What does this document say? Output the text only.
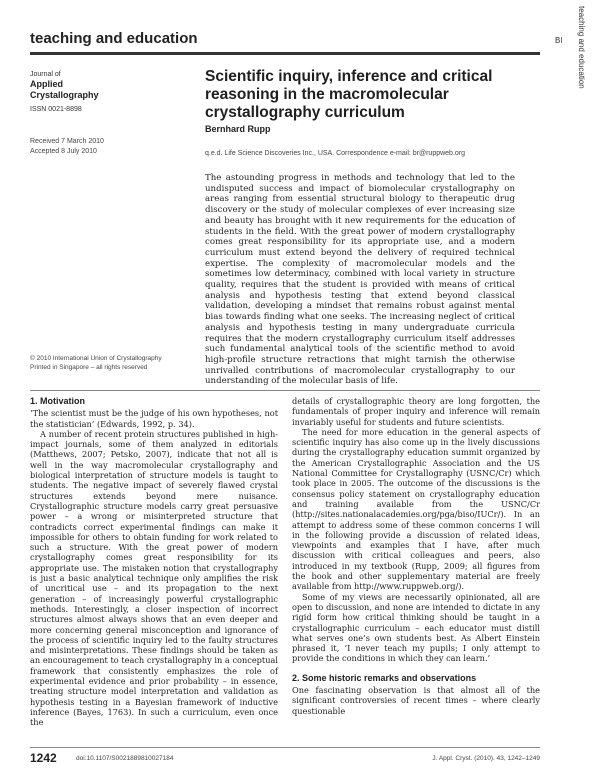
teaching and education	teaching and education
Bl
Journal of
Applied
Crystallography
ISSN 0021-8898
Received 7 March 2010
Accepted 8 July 2010
Scientific inquiry, inference and critical reasoning in the macromolecular crystallography curriculum
Bernhard Rupp
q.e.d. Life Science Discoveries Inc., USA. Correspondence e-mail: br@ruppweb.org
The astounding progress in methods and technology that led to the undisputed success and impact of biomolecular crystallography on areas ranging from essential structural biology to therapeutic drug discovery or the study of molecular complexes of ever increasing size and beauty has brought with it new requirements for the education of students in the field. With the great power of modern crystallography comes great responsibility for its appropriate use, and a modern curriculum must extend beyond the delivery of required technical expertise. The complexity of macromolecular models and the sometimes low determinacy, combined with local variety in structure quality, requires that the student is provided with means of critical analysis and hypothesis testing that extend beyond classical validation, developing a mindset that remains robust against mental bias towards finding what one seeks. The increasing neglect of critical analysis and hypothesis testing in many undergraduate curricula requires that the modern crystallography curriculum itself addresses such fundamental analytical tools of the scientific method to avoid high-profile structure retractions that might tarnish the otherwise unrivalled contributions of macromolecular crystallography to our understanding of the molecular basis of life.
© 2010 International Union of Crystallography
Printed in Singapore – all rights reserved
1. Motivation

‘The scientist must be the judge of his own hypotheses, not the statistician’ (Edwards, 1992, p. 34).

A number of recent protein structures published in high-impact journals, some of them analyzed in editorials (Matthews, 2007; Petsko, 2007), indicate that not all is well in the way macromolecular crystallography and biological interpretation of structure models is taught to students. The negative impact of severely flawed crystal structures extends beyond mere nuisance. Crystallographic structure models carry great persuasive power – a wrong or misinterpreted structure that contradicts correct experimental findings can make it impossible for others to obtain funding for work related to such a structure. With the great power of modern crystallography comes great responsibility for its appropriate use. The mistaken notion that crystallography is just a basic analytical technique only amplifies the risk of uncritical use – and its propagation to the next generation – of increasingly powerful crystallographic methods. Interestingly, a closer inspection of incorrect structures almost always shows that an even deeper and more concerning general misconception and ignorance of the process of scientific inquiry led to the faulty structures and misinterpretations. These findings should be taken as an encouragement to teach crystallography in a conceptual framework that consistently emphasizes the role of experimental evidence and prior probability – in essence, treating structure model interpretation and validation as hypothesis testing in a Bayesian framework of inductive inference (Bayes, 1763). In such a curriculum, even once the

details of crystallographic theory are long forgotten, the fundamentals of proper inquiry and inference will remain invariably useful for students and future scientists.

The need for more education in the general aspects of scientific inquiry has also come up in the lively discussions during the crystallography education summit organized by the American Crystallographic Association and the US National Committee for Crystallography (USNC/Cr) which took place in 2005. The outcome of the discussions is the consensus policy statement on crystallography education and training available from the USNC/Cr (http://sites.nationalacademies.org/pga/biso/IUCr/). In an attempt to address some of these common concerns I will in the following provide a discussion of related ideas, viewpoints and examples that I have, after much discussion with critical colleagues and peers, also introduced in my textbook (Rupp, 2009; all figures from the book and other supplementary material are freely available from http://www.ruppweb.org/).

Some of my views are necessarily opinionated, all are open to discussion, and none are intended to dictate in any rigid form how critical thinking should be taught in a crystallographic curriculum – each educator must distill what serves one’s own students best. As Albert Einstein phrased it, ‘I never teach my pupils; I only attempt to provide the conditions in which they can learn.’

2. Some historic remarks and observations

One fascinating observation is that almost all of the significant controversies of recent times – where clearly questionable

1242	doi:10.1107/S0021889810027184	J. Appl. Cryst. (2010). 43, 1242–1249
